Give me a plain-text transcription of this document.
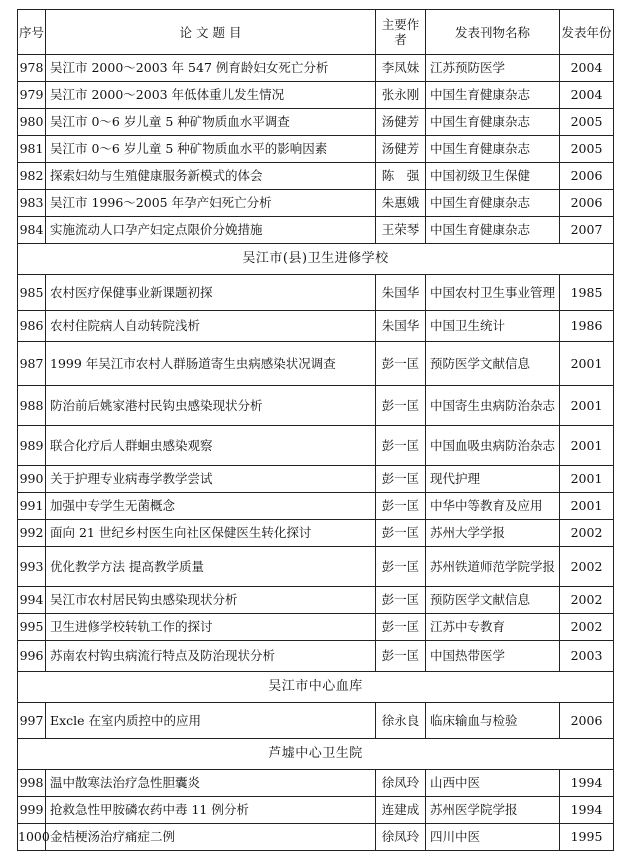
序号	论 文 题 目	主要作者	发表刊物名称	发表年份
978	吴江市 2000～2003 年 547 例育龄妇女死亡分析	李凤妹	江苏预防医学	2004
979	吴江市 2000～2003 年低体重儿发生情况	张永刚	中国生育健康杂志	2004
980	吴江市 0～6 岁儿童 5 种矿物质血水平调查	汤健芳	中国生育健康杂志	2005
981	吴江市 0～6 岁儿童 5 种矿物质血水平的影响因素	汤健芳	中国生育健康杂志	2005
982	探索妇幼与生殖健康服务新模式的体会	陈　强	中国初级卫生保健	2006
983	吴江市 1996～2005 年孕产妇死亡分析	朱惠娥	中国生育健康杂志	2006
984	实施流动人口孕产妇定点限价分娩措施	王荣琴	中国生育健康杂志	2007
吴江市(县)卫生进修学校				
985	农村医疗保健事业新课题初探	朱国华	中国农村卫生事业管理	1985
986	农村住院病人自动转院浅析	朱国华	中国卫生统计	1986
987	1999 年吴江市农村人群肠道寄生虫病感染状况调查	彭一匡	预防医学文献信息	2001
988	防治前后姚家港村民钩虫感染现状分析	彭一匡	中国寄生虫病防治杂志	2001
989	联合化疗后人群蛔虫感染观察	彭一匡	中国血吸虫病防治杂志	2001
990	关于护理专业病毒学教学尝试	彭一匡	现代护理	2001
991	加强中专学生无菌概念	彭一匡	中华中等教育及应用	2001
992	面向 21 世纪乡村医生向社区保健医生转化探讨	彭一匡	苏州大学学报	2002
993	优化教学方法 提高教学质量	彭一匡	苏州铁道师范学院学报	2002
994	吴江市农村居民钩虫感染现状分析	彭一匡	预防医学文献信息	2002
995	卫生进修学校转轨工作的探讨	彭一匡	江苏中专教育	2002
996	苏南农村钩虫病流行特点及防治现状分析	彭一匡	中国热带医学	2003
吴江市中心血库				
997	Excle 在室内质控中的应用	徐永良	临床输血与检验	2006
芦墟中心卫生院				
998	温中散寒法治疗急性胆囊炎	徐凤玲	山西中医	1994
999	抢救急性甲胺磷农药中毒 11 例分析	连建成	苏州医学院学报	1994
1000	金桔梗汤治疗痛症二例	徐凤玲	四川中医	1995
